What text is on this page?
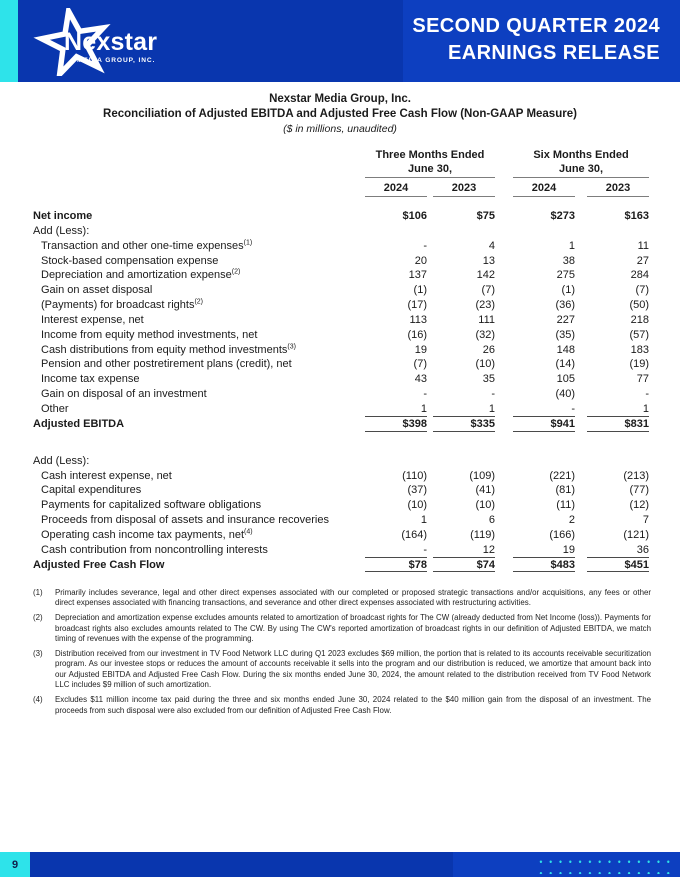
Nexstar
MEDIA GROUP, INC.
SECOND QUARTER 2024
EARNINGS RELEASE
Nexstar Media Group, Inc.
Reconciliation of Adjusted EBITDA and Adjusted Free Cash Flow (Non-GAAP Measure)
($ in millions, unaudited)
Three Months Ended
June 30,
Six Months Ended
June 30,
2024	2023	2024	2023
Net income	$106	$75	$273	$163
Add (Less):
Transaction and other one-time expenses$^{(1)}$	-	4	1	11
Stock-based compensation expense	20	13	38	27
Depreciation and amortization expense$^{(2)}$	137	142	275	284
Gain on asset disposal	(1)	(7)	(1)	(7)
(Payments) for broadcast rights$^{(2)}$	(17)	(23)	(36)	(50)
Interest expense, net	113	111	227	218
Income from equity method investments, net	(16)	(32)	(35)	(57)
Cash distributions from equity method investments$^{(3)}$	19	26	148	183
Pension and other postretirement plans (credit), net	(7)	(10)	(14)	(19)
Income tax expense	43	35	105	77
Gain on disposal of an investment	-	-	(40)	-
Other	1	1	-	1
Adjusted EBITDA	$398	$335	$941	$831
Add (Less):
Cash interest expense, net	(110)	(109)	(221)	(213)
Capital expenditures	(37)	(41)	(81)	(77)
Payments for capitalized software obligations	(10)	(10)	(11)	(12)
Proceeds from disposal of assets and insurance recoveries	1	6	2	7
Operating cash income tax payments, net$^{(4)}$	(164)	(119)	(166)	(121)
Cash contribution from noncontrolling interests	-	12	19	36
Adjusted Free Cash Flow	$78	$74	$483	$451
(1)	Primarily includes severance, legal and other direct expenses associated with our completed or proposed strategic transactions and/or acquisitions, any fees or other direct expenses associated with financing transactions, and severance and other direct expenses associated with restructuring activities.
(2)	Depreciation and amortization expense excludes amounts related to amortization of broadcast rights for The CW (already deducted from Net Income (loss)). Payments for broadcast rights also excludes amounts related to The CW. By using The CW's reported amortization of broadcast rights in our definition of Adjusted EBITDA, we match timing of revenues with the expense of the programming.
(3)	Distribution received from our investment in TV Food Network LLC during Q1 2023 excludes $69 million, the portion that is related to its accounts receivable securitization program. As our investee stops or reduces the amount of accounts receivable it sells into the program and our distribution is reduced, we amortize that amount back into our Adjusted EBITDA and Adjusted Free Cash Flow. During the six months ended June 30, 2024, the amount related to the distribution received from TV Food Network LLC includes $9 million of such amortization.
(4)	Excludes $11 million income tax paid during the three and six months ended June 30, 2024 related to the $40 million gain from the disposal of an investment. The proceeds from such disposal were also excluded from our definition of Adjusted Free Cash Flow.
9
